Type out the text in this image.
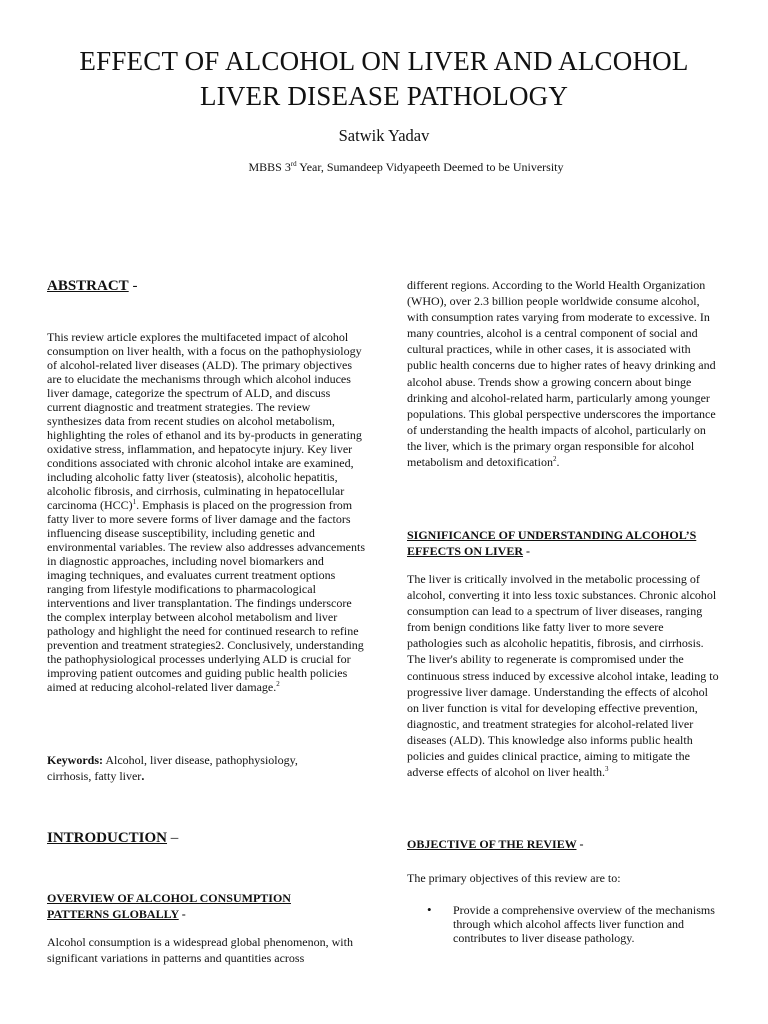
EFFECT OF ALCOHOL ON LIVER AND ALCOHOL LIVER DISEASE PATHOLOGY
Satwik Yadav
MBBS 3rd Year, Sumandeep Vidyapeeth Deemed to be University
ABSTRACT -

This review article explores the multifaceted impact of alcohol consumption on liver health, with a focus on the pathophysiology of alcohol-related liver diseases (ALD). The primary objectives are to elucidate the mechanisms through which alcohol induces liver damage, categorize the spectrum of ALD, and discuss current diagnostic and treatment strategies. The review synthesizes data from recent studies on alcohol metabolism, highlighting the roles of ethanol and its by-products in generating oxidative stress, inflammation, and hepatocyte injury. Key liver conditions associated with chronic alcohol intake are examined, including alcoholic fatty liver (steatosis), alcoholic hepatitis, alcoholic fibrosis, and cirrhosis, culminating in hepatocellular carcinoma (HCC)$^1$. Emphasis is placed on the progression from fatty liver to more severe forms of liver damage and the factors influencing disease susceptibility, including genetic and environmental variables. The review also addresses advancements in diagnostic approaches, including novel biomarkers and imaging techniques, and evaluates current treatment options ranging from lifestyle modifications to pharmacological interventions and liver transplantation. The findings underscore the complex interplay between alcohol metabolism and liver pathology and highlight the need for continued research to refine prevention and treatment strategies2. Conclusively, understanding the pathophysiological processes underlying ALD is crucial for improving patient outcomes and guiding public health policies aimed at reducing alcohol-related liver damage.$^2$

Keywords: Alcohol, liver disease, pathophysiology, cirrhosis, fatty liver.

INTRODUCTION –
OVERVIEW OF ALCOHOL CONSUMPTION PATTERNS GLOBALLY -

Alcohol consumption is a widespread global phenomenon, with significant variations in patterns and quantities across

different regions. According to the World Health Organization (WHO), over 2.3 billion people worldwide consume alcohol, with consumption rates varying from moderate to excessive. In many countries, alcohol is a central component of social and cultural practices, while in other cases, it is associated with public health concerns due to higher rates of heavy drinking and alcohol abuse. Trends show a growing concern about binge drinking and alcohol-related harm, particularly among younger populations. This global perspective underscores the importance of understanding the health impacts of alcohol, particularly on the liver, which is the primary organ responsible for alcohol metabolism and detoxification$^2$.

SIGNIFICANCE OF UNDERSTANDING ALCOHOL’S EFFECTS ON LIVER -

The liver is critically involved in the metabolic processing of alcohol, converting it into less toxic substances. Chronic alcohol consumption can lead to a spectrum of liver diseases, ranging from benign conditions like fatty liver to more severe pathologies such as alcoholic hepatitis, fibrosis, and cirrhosis. The liver's ability to regenerate is compromised under the continuous stress induced by excessive alcohol intake, leading to progressive liver damage. Understanding the effects of alcohol on liver function is vital for developing effective prevention, diagnostic, and treatment strategies for alcohol-related liver diseases (ALD). This knowledge also informs public health policies and guides clinical practice, aiming to mitigate the adverse effects of alcohol on liver health.$^3$

OBJECTIVE OF THE REVIEW -

The primary objectives of this review are to:

• Provide a comprehensive overview of the mechanisms through which alcohol affects liver function and contributes to liver disease pathology.
